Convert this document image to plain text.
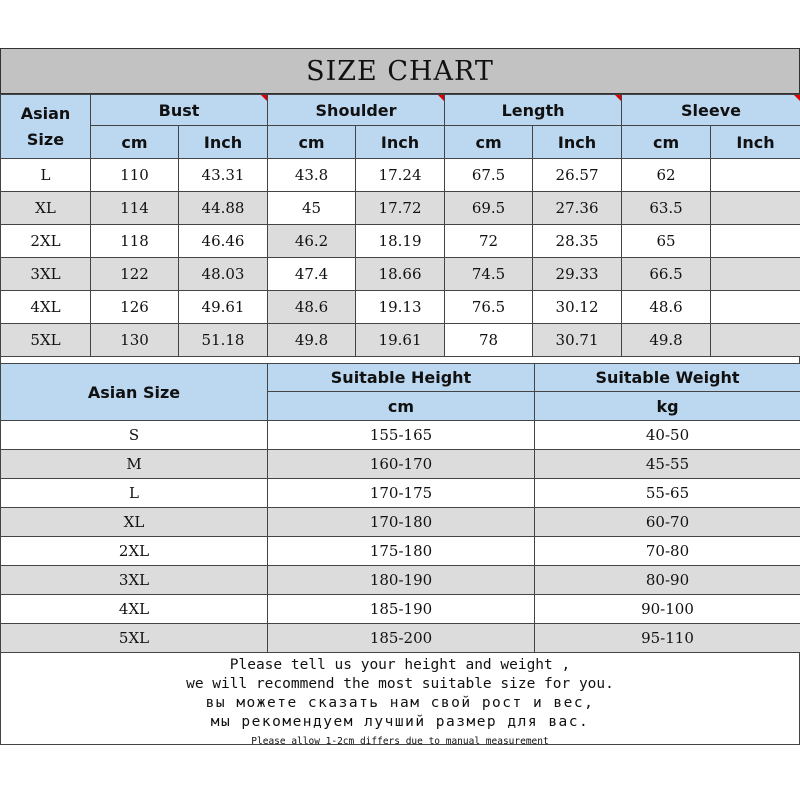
SIZE CHART
Asian Size	Bust		Shoulder		Length		Sleeve	
	cm	Inch	cm	Inch	cm	Inch	cm	Inch
L	110	43.31	43.8	17.24	67.5	26.57	62	
XL	114	44.88	45	17.72	69.5	27.36	63.5	
2XL	118	46.46	46.2	18.19	72	28.35	65	
3XL	122	48.03	47.4	18.66	74.5	29.33	66.5	
4XL	126	49.61	48.6	19.13	76.5	30.12	48.6	
5XL	130	51.18	49.8	19.61	78	30.71	49.8	
Asian Size	Suitable Height	Suitable Weight
	cm	kg
S	155-165	40-50
M	160-170	45-55
L	170-175	55-65
XL	170-180	60-70
2XL	175-180	70-80
3XL	180-190	80-90
4XL	185-190	90-100
5XL	185-200	95-110
Please tell us your height and weight ,
we will recommend the most suitable size for you.
вы можете сказать нам свой рост и вес,
мы рекомендуем лучший размер для вас.
Please allow 1-2cm differs due to manual measurement
